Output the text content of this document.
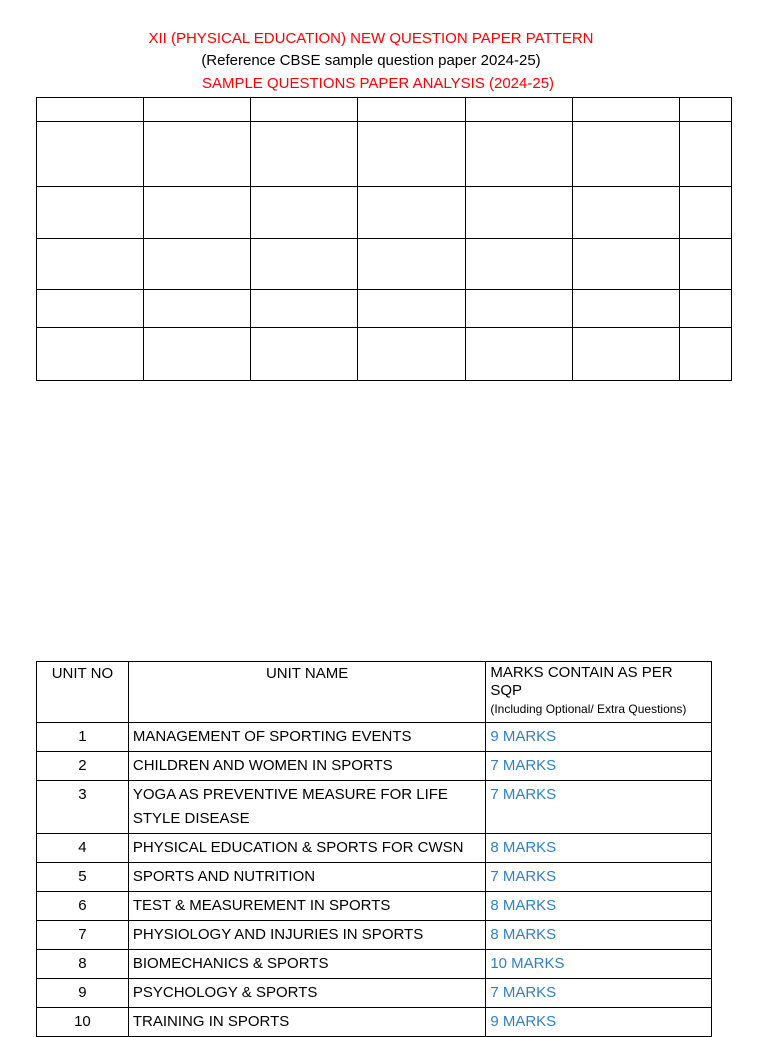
XII (PHYSICAL EDUCATION) NEW QUESTION PAPER PATTERN
(Reference CBSE sample question paper 2024-25)
SAMPLE QUESTIONS PAPER ANALYSIS (2024-25)

UNIT NO	UNIT NAME	MARKS CONTAIN AS PER SQP
(Including Optional/ Extra Questions)

1	MANAGEMENT OF SPORTING EVENTS	9 MARKS
2	CHILDREN AND WOMEN IN SPORTS	7 MARKS
3	YOGA AS PREVENTIVE MEASURE FOR LIFE STYLE DISEASE	7 MARKS
4	PHYSICAL EDUCATION & SPORTS FOR CWSN	8 MARKS
5	SPORTS AND NUTRITION	7 MARKS
6	TEST & MEASUREMENT IN SPORTS	8 MARKS
7	PHYSIOLOGY AND INJURIES IN SPORTS	8 MARKS
8	BIOMECHANICS & SPORTS	10 MARKS
9	PSYCHOLOGY & SPORTS	7 MARKS
10	TRAINING IN SPORTS	9 MARKS
